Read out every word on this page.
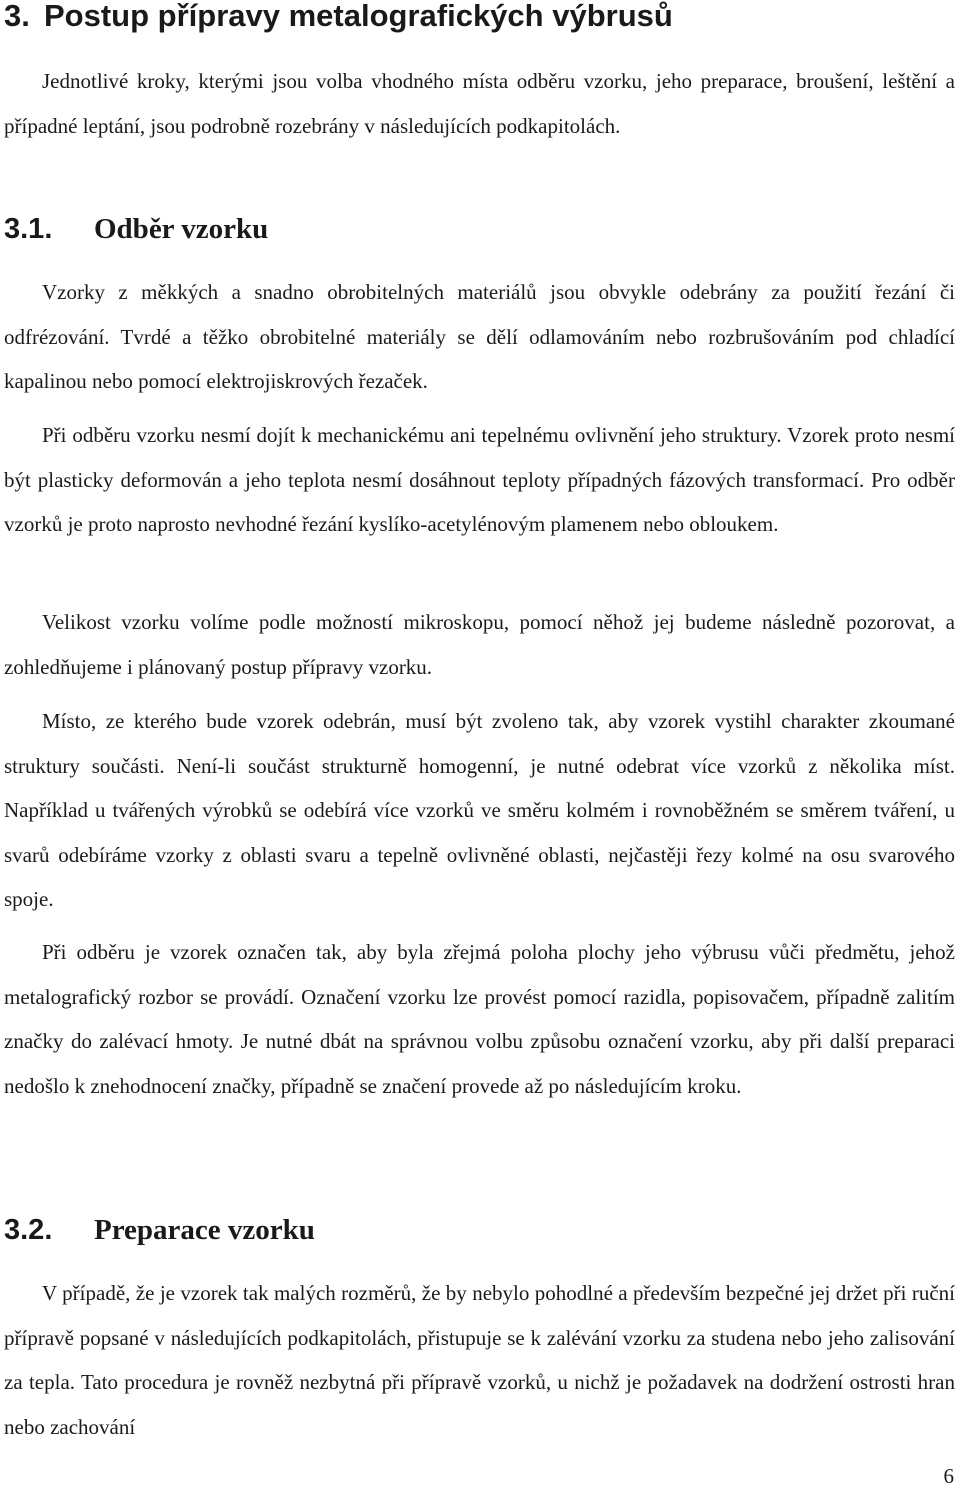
3. Postup přípravy metalografických výbrusů

Jednotlivé kroky, kterými jsou volba vhodného místa odběru vzorku, jeho preparace, broušení, leštění a případné leptání, jsou podrobně rozebrány v následujících podkapitolách.

3.1. Odběr vzorku

Vzorky z měkkých a snadno obrobitelných materiálů jsou obvykle odebrány za použití řezání či odfrézování. Tvrdé a těžko obrobitelné materiály se dělí odlamováním nebo rozbrušováním pod chladící kapalinou nebo pomocí elektrojiskrových řezaček.

Při odběru vzorku nesmí dojít k mechanickému ani tepelnému ovlivnění jeho struktury. Vzorek proto nesmí být plasticky deformován a jeho teplota nesmí dosáhnout teploty případných fázových transformací. Pro odběr vzorků je proto naprosto nevhodné řezání kyslíko-acetylénovým plamenem nebo obloukem.

Velikost vzorku volíme podle možností mikroskopu, pomocí něhož jej budeme následně pozorovat, a zohledňujeme i plánovaný postup přípravy vzorku.

Místo, ze kterého bude vzorek odebrán, musí být zvoleno tak, aby vzorek vystihl charakter zkoumané struktury součásti. Není-li součást strukturně homogenní, je nutné odebrat více vzorků z několika míst. Například u tvářených výrobků se odebírá více vzorků ve směru kolmém i rovnoběžném se směrem tváření, u svarů odebíráme vzorky z oblasti svaru a tepelně ovlivněné oblasti, nejčastěji řezy kolmé na osu svarového spoje.

Při odběru je vzorek označen tak, aby byla zřejmá poloha plochy jeho výbrusu vůči předmětu, jehož metalografický rozbor se provádí. Označení vzorku lze provést pomocí razidla, popisovačem, případně zalitím značky do zalévací hmoty. Je nutné dbát na správnou volbu způsobu označení vzorku, aby při další preparaci nedošlo k znehodnocení značky, případně se značení provede až po následujícím kroku.

3.2. Preparace vzorku

V případě, že je vzorek tak malých rozměrů, že by nebylo pohodlné a především bezpečné jej držet při ruční přípravě popsané v následujících podkapitolách, přistupuje se k zalévání vzorku za studena nebo jeho zalisování za tepla. Tato procedura je rovněž nezbytná při přípravě vzorků, u nichž je požadavek na dodržení ostrosti hran nebo zachování

6
